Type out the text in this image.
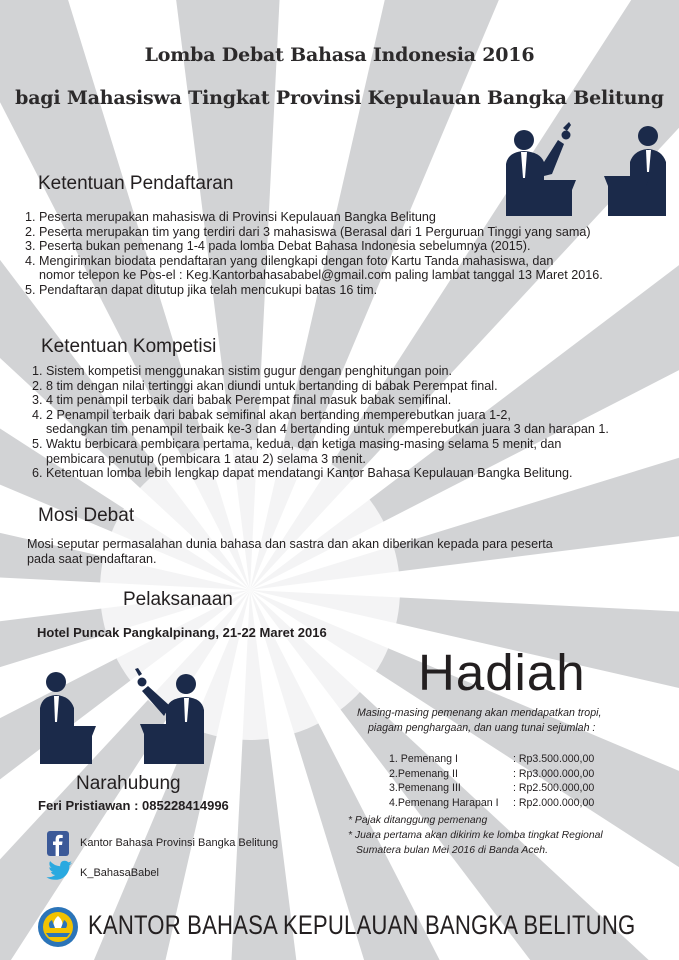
Lomba Debat Bahasa Indonesia 2016
bagi Mahasiswa Tingkat Provinsi Kepulauan Bangka Belitung
Ketentuan Pendaftaran
1. Peserta merupakan mahasiswa di Provinsi Kepulauan Bangka Belitung
2. Peserta merupakan tim yang terdiri dari 3 mahasiswa (Berasal dari 1 Perguruan Tinggi yang sama)
3. Peserta bukan pemenang 1-4 pada lomba Debat Bahasa Indonesia sebelumnya (2015).
4. Mengirimkan biodata pendaftaran yang dilengkapi dengan foto Kartu Tanda mahasiswa, dan
nomor telepon ke Pos-el : Keg.Kantorbahasababel@gmail.com paling lambat tanggal 13 Maret 2016.
5. Pendaftaran dapat ditutup jika telah mencukupi batas 16 tim.
Ketentuan Kompetisi
1. Sistem kompetisi menggunakan sistim gugur dengan penghitungan poin.
2. 8 tim dengan nilai tertinggi akan diundi untuk bertanding di babak Perempat final.
3. 4 tim penampil terbaik dari babak Perempat final masuk babak semifinal.
4. 2 Penampil terbaik dari babak semifinal akan bertanding memperebutkan juara 1-2,
sedangkan tim penampil terbaik ke-3 dan 4 bertanding untuk memperebutkan juara 3 dan harapan 1.
5. Waktu berbicara pembicara pertama, kedua, dan ketiga masing-masing selama 5 menit, dan
pembicara penutup (pembicara 1 atau 2) selama 3 menit.
6. Ketentuan lomba lebih lengkap dapat mendatangi Kantor Bahasa Kepulauan Bangka Belitung.
Mosi Debat
Mosi seputar permasalahan dunia bahasa dan sastra dan akan diberikan kepada para peserta
pada saat pendaftaran.
Pelaksanaan
Hotel Puncak Pangkalpinang, 21-22 Maret 2016
Hadiah
Masing-masing pemenang akan mendapatkan tropi,
piagam penghargaan, dan uang tunai sejumlah :
1. Pemenang I	: Rp3.500.000,00
2.Pemenang II	: Rp3.000.000,00
3.Pemenang III	: Rp2.500.000,00
4.Pemenang Harapan I	: Rp2.000.000,00
* Pajak ditanggung pemenang
* Juara pertama akan dikirim ke lomba tingkat Regional
Sumatera bulan Mei 2016 di Banda Aceh.
Narahubung
Feri Pristiawan : 085228414996
Kantor Bahasa Provinsi Bangka Belitung
K_BahasaBabel
KANTOR BAHASA KEPULAUAN BANGKA BELITUNG
